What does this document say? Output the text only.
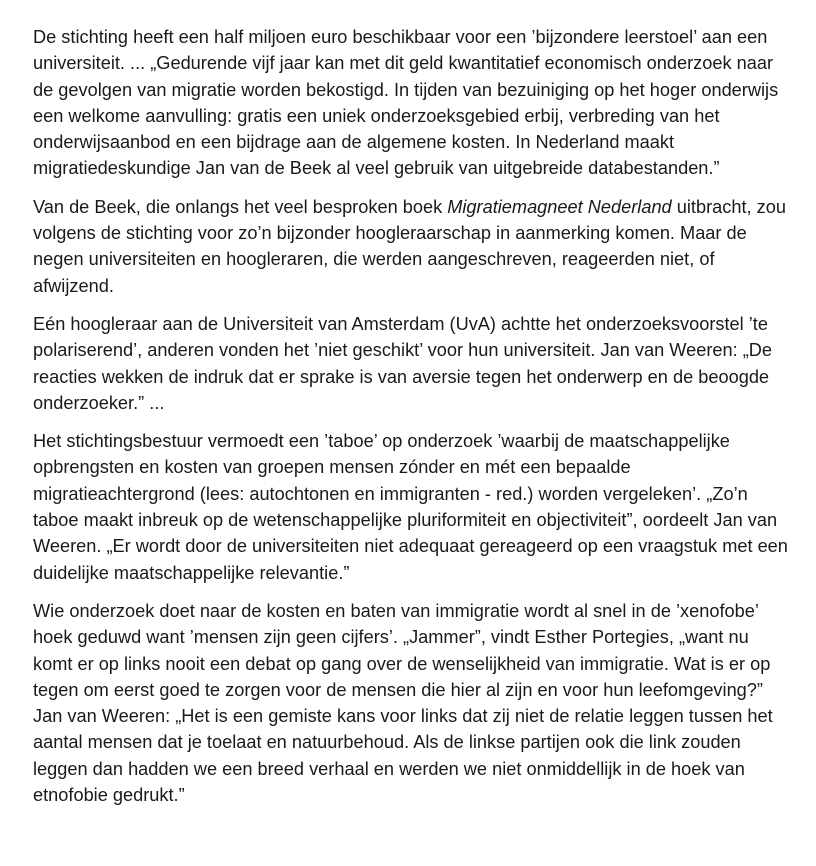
De stichting heeft een half miljoen euro beschikbaar voor een ’bijzondere leerstoel’ aan een universiteit. ... „Gedurende vijf jaar kan met dit geld kwantitatief economisch onderzoek naar de gevolgen van migratie worden bekostigd. In tijden van bezuiniging op het hoger onderwijs een welkome aanvulling: gratis een uniek onderzoeksgebied erbij, verbreding van het onderwijsaanbod en een bijdrage aan de algemene kosten. In Nederland maakt migratiedeskundige Jan van de Beek al veel gebruik van uitgebreide databestanden.”

Van de Beek, die onlangs het veel besproken boek Migratiemagneet Nederland uitbracht, zou volgens de stichting voor zo’n bijzonder hoogleraarschap in aanmerking komen. Maar de negen universiteiten en hoogleraren, die werden aangeschreven, reageerden niet, of afwijzend.

Eén hoogleraar aan de Universiteit van Amsterdam (UvA) achtte het onderzoeksvoorstel ’te polariserend’, anderen vonden het ’niet geschikt’ voor hun universiteit. Jan van Weeren: „De reacties wekken de indruk dat er sprake is van aversie tegen het onderwerp en de beoogde onderzoeker.” ...

Het stichtingsbestuur vermoedt een ’taboe’ op onderzoek ’waarbij de maatschappelijke opbrengsten en kosten van groepen mensen zónder en mét een bepaalde migratieachtergrond (lees: autochtonen en immigranten - red.) worden vergeleken’. „Zo’n taboe maakt inbreuk op de wetenschappelijke pluriformiteit en objectiviteit”, oordeelt Jan van Weeren. „Er wordt door de universiteiten niet adequaat gereageerd op een vraagstuk met een duidelijke maatschappelijke relevantie.”

Wie onderzoek doet naar de kosten en baten van immigratie wordt al snel in de ’xenofobe’ hoek geduwd want ’mensen zijn geen cijfers’. „Jammer”, vindt Esther Portegies, „want nu komt er op links nooit een debat op gang over de wenselijkheid van immigratie. Wat is er op tegen om eerst goed te zorgen voor de mensen die hier al zijn en voor hun leefomgeving?” Jan van Weeren: „Het is een gemiste kans voor links dat zij niet de relatie leggen tussen het aantal mensen dat je toelaat en natuurbehoud. Als de linkse partijen ook die link zouden leggen dan hadden we een breed verhaal en werden we niet onmiddellijk in de hoek van etnofobie gedrukt.”
